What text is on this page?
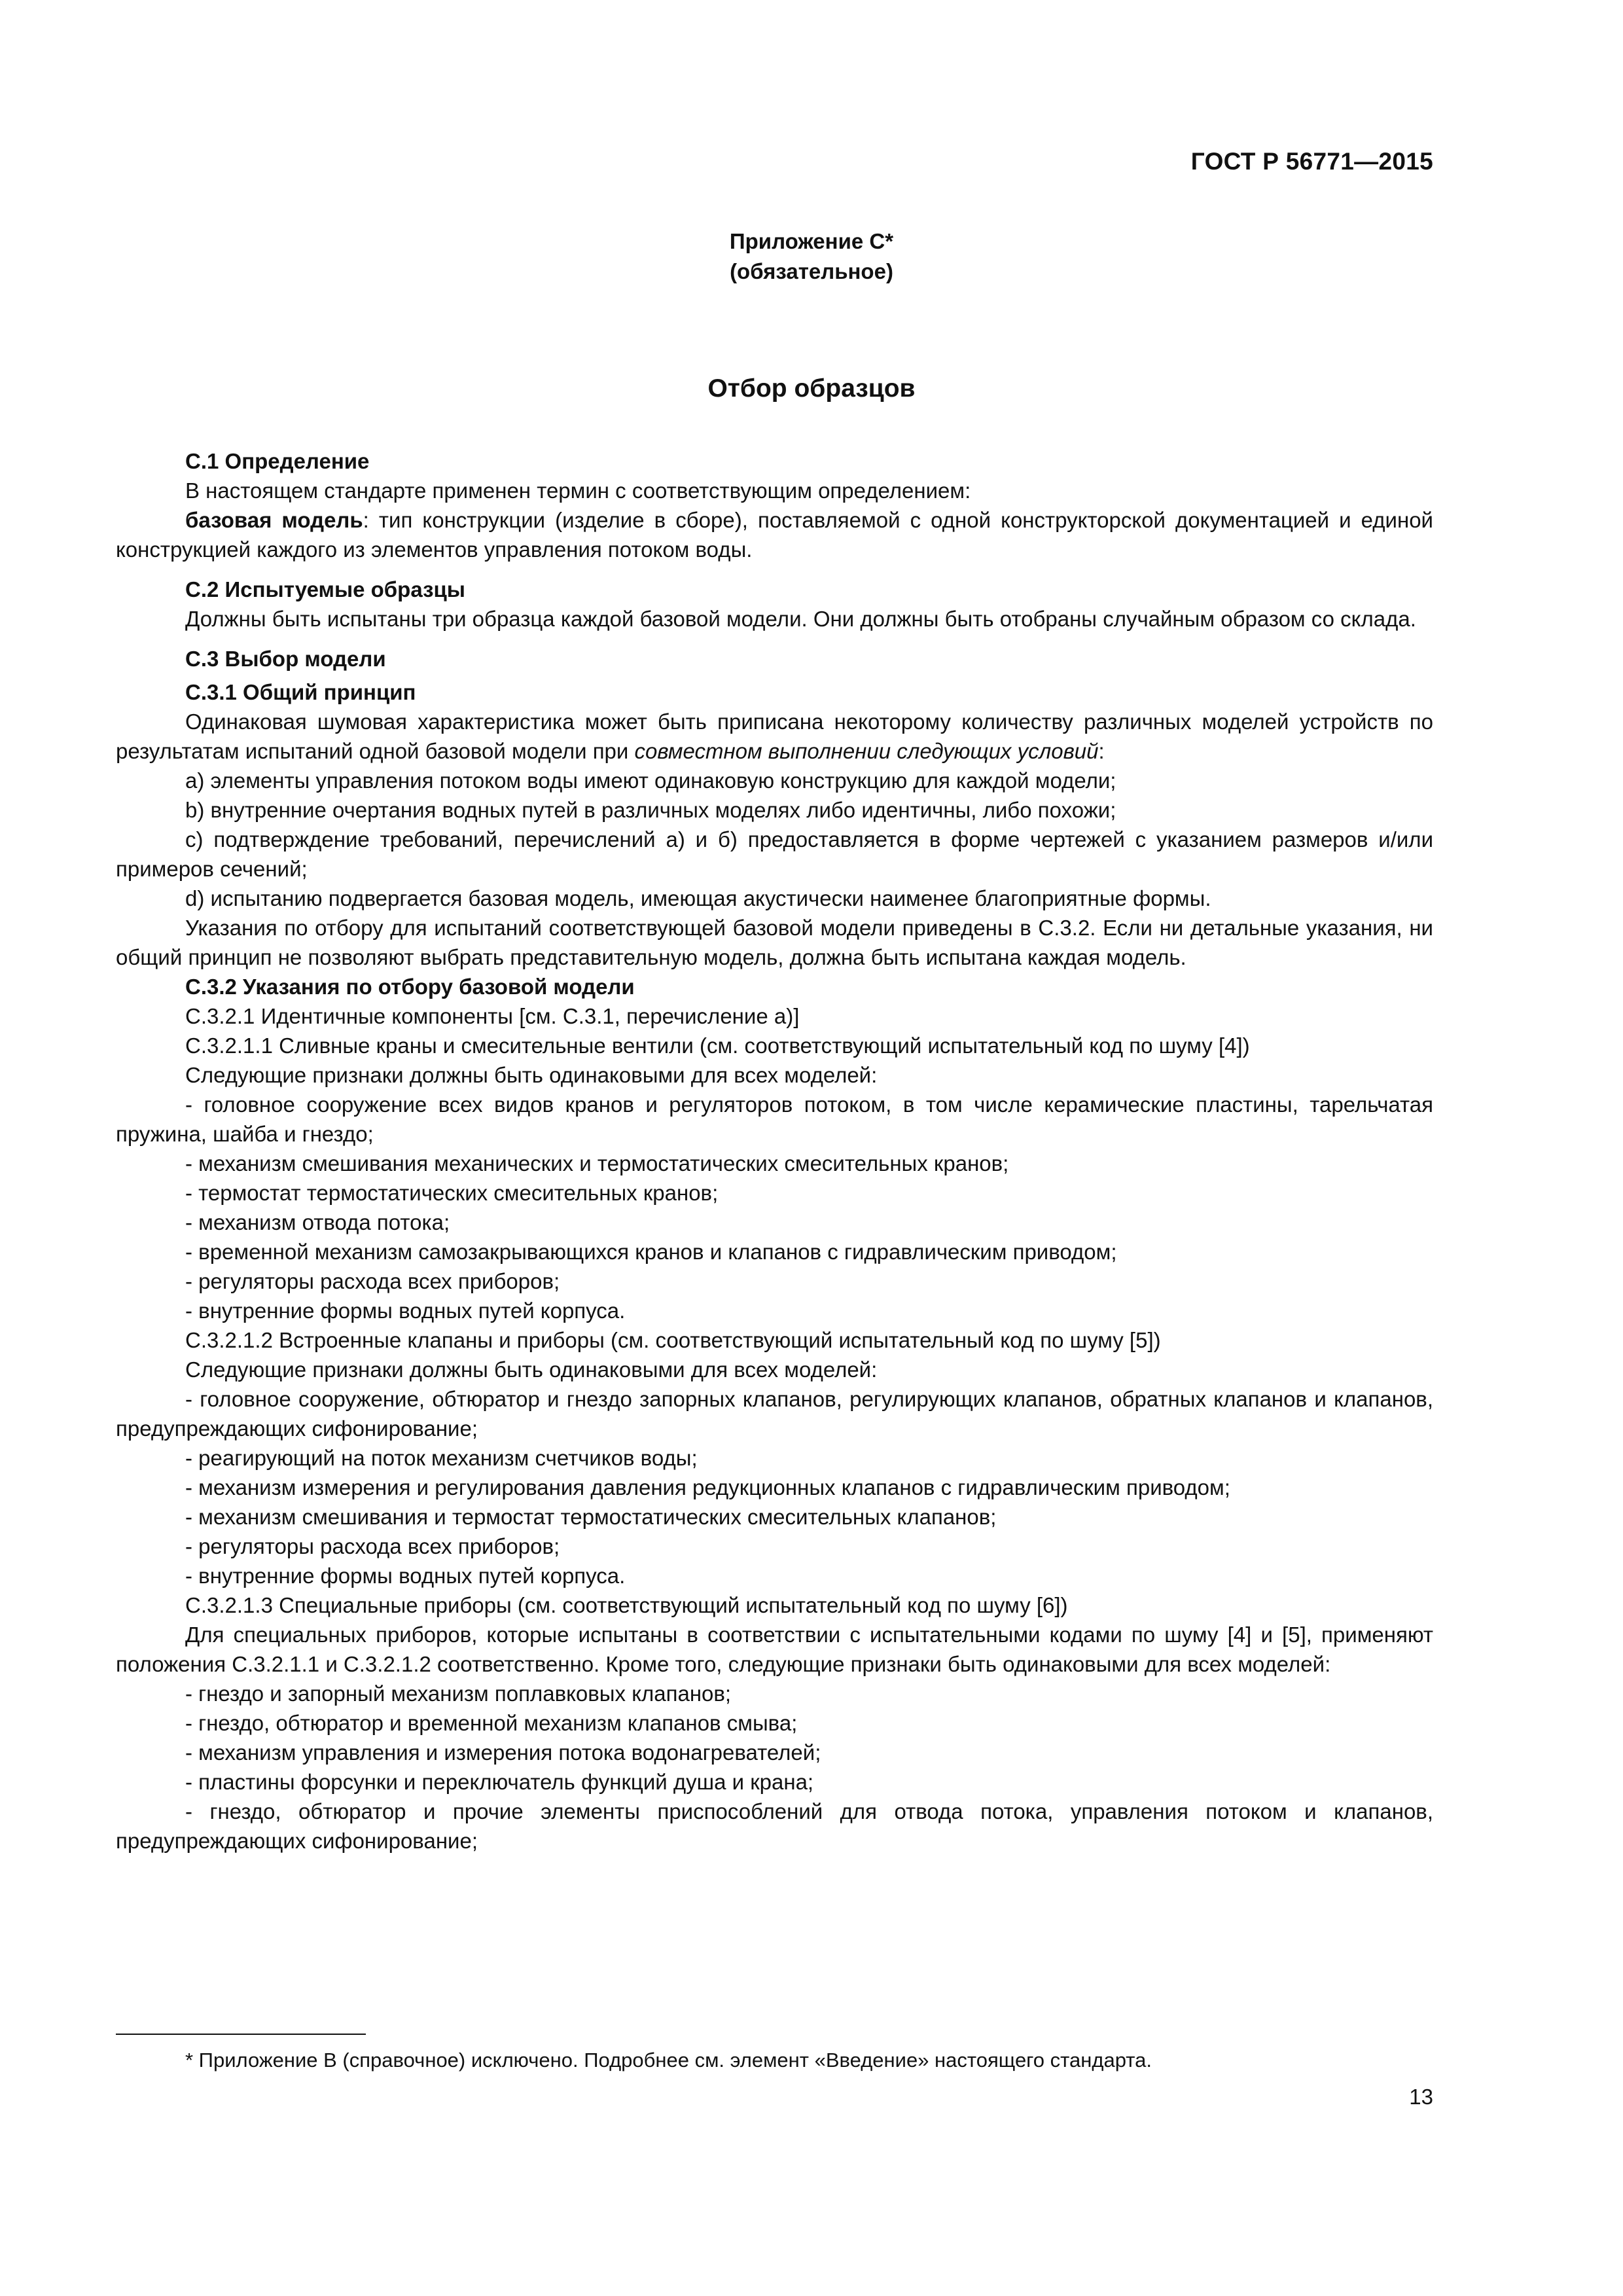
ГОСТ Р 56771—2015
Приложение С*
(обязательное)
Отбор образцов

С.1 Определение

В настоящем стандарте применен термин с соответствующим определением:

базовая модель: тип конструкции (изделие в сборе), поставляемой с одной конструкторской документацией и единой конструкцией каждого из элементов управления потоком воды.

С.2 Испытуемые образцы

Должны быть испытаны три образца каждой базовой модели. Они должны быть отобраны случайным образом со склада.

С.3 Выбор модели

С.3.1 Общий принцип

Одинаковая шумовая характеристика может быть приписана некоторому количеству различных моделей устройств по результатам испытаний одной базовой модели при совместном выполнении следующих условий:

а) элементы управления потоком воды имеют одинаковую конструкцию для каждой модели;

b) внутренние очертания водных путей в различных моделях либо идентичны, либо похожи;

с) подтверждение требований, перечислений а) и б) предоставляется в форме чертежей с указанием размеров и/или примеров сечений;

d) испытанию подвергается базовая модель, имеющая акустически наименее благоприятные формы.

Указания по отбору для испытаний соответствующей базовой модели приведены в С.3.2. Если ни детальные указания, ни общий принцип не позволяют выбрать представительную модель, должна быть испытана каждая модель.

С.3.2 Указания по отбору базовой модели

С.3.2.1 Идентичные компоненты [см. С.3.1, перечисление а)]

С.3.2.1.1 Сливные краны и смесительные вентили (см. соответствующий испытательный код по шуму [4])

Следующие признаки должны быть одинаковыми для всех моделей:

- головное сооружение всех видов кранов и регуляторов потоком, в том числе керамические пластины, тарельчатая пружина, шайба и гнездо;

- механизм смешивания механических и термостатических смесительных кранов;

- термостат термостатических смесительных кранов;

- механизм отвода потока;

- временной механизм самозакрывающихся кранов и клапанов с гидравлическим приводом;

- регуляторы расхода всех приборов;

- внутренние формы водных путей корпуса.

С.3.2.1.2 Встроенные клапаны и приборы (см. соответствующий испытательный код по шуму [5])

Следующие признаки должны быть одинаковыми для всех моделей:

- головное сооружение, обтюратор и гнездо запорных клапанов, регулирующих клапанов, обратных клапанов и клапанов, предупреждающих сифонирование;

- реагирующий на поток механизм счетчиков воды;

- механизм измерения и регулирования давления редукционных клапанов с гидравлическим приводом;

- механизм смешивания и термостат термостатических смесительных клапанов;

- регуляторы расхода всех приборов;

- внутренние формы водных путей корпуса.

С.3.2.1.3 Специальные приборы (см. соответствующий испытательный код по шуму [6])

Для специальных приборов, которые испытаны в соответствии с испытательными кодами по шуму [4] и [5], применяют положения С.3.2.1.1 и С.3.2.1.2 соответственно. Кроме того, следующие признаки быть одинаковыми для всех моделей:

- гнездо и запорный механизм поплавковых клапанов;

- гнездо, обтюратор и временной механизм клапанов смыва;

- механизм управления и измерения потока водонагревателей;

- пластины форсунки и переключатель функций душа и крана;

- гнездо, обтюратор и прочие элементы приспособлений для отвода потока, управления потоком и клапанов, предупреждающих сифонирование;

* Приложение В (справочное) исключено. Подробнее см. элемент «Введение» настоящего стандарта.
13
